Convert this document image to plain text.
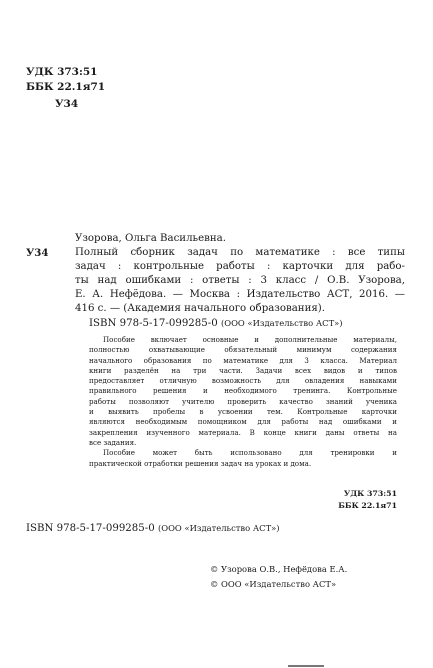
УДК 373:51
ББК 22.1я71
У34
Узорова, Ольга Васильевна.
У34	Полный сборник задач по математике : все типы
задач : контрольные работы : карточки для рабо-
ты над ошибками : ответы : 3 класс / О.В. Узорова,
Е. А. Нефёдова. — Москва : Издательство АСТ, 2016. —
416 с. — (Академия начального образования).
ISBN 978-5-17-099285-0 (ООО «Издательство АСТ»)
Пособие включает основные и дополнительные материалы,
полностью охватывающие обязательный минимум содержания
начального образования по математике для 3 класса. Материал
книги разделён на три части. Задачи всех видов и типов
предоставляет отличную возможность для овладения навыками
правильного решения и необходимого тренинга. Контрольные
работы позволяют учителю проверить качество знаний ученика
и выявить пробелы в усвоении тем. Контрольные карточки
являются необходимым помощником для работы над ошибками и
закрепления изученного материала. В конце книги даны ответы на
все задания.
Пособие может быть использовано для тренировки и
практической отработки решения задач на уроках и дома.
УДК 373:51
ББК 22.1я71
ISBN 978-5-17-099285-0 (ООО «Издательство АСТ»)
© Узорова О.В., Нефёдова Е.А.
© ООО «Издательство АСТ»
